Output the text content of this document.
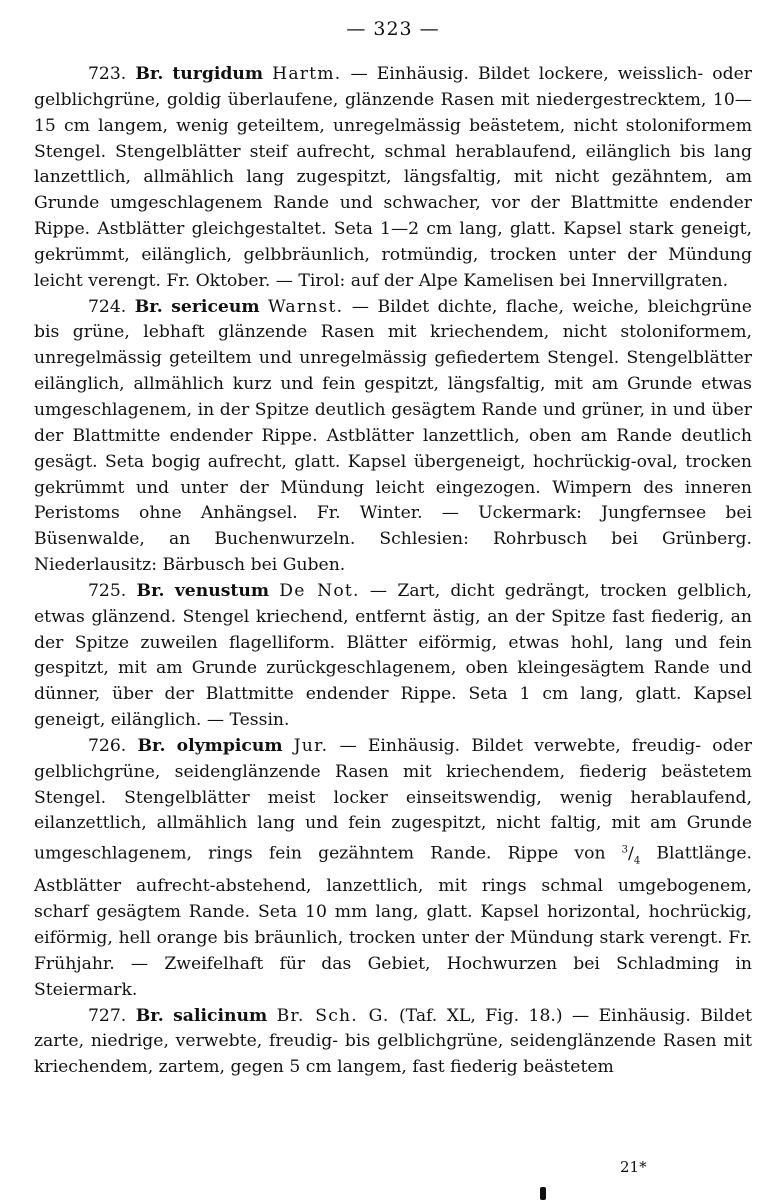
— 323 —

723. Br. turgidum Hartm. — Einhäusig. Bildet lockere, weisslich- oder gelblichgrüne, goldig überlaufene, glänzende Rasen mit niedergestrecktem, 10—15 cm langem, wenig geteiltem, unregelmässig beästetem, nicht stoloniformem Stengel. Stengelblätter steif aufrecht, schmal herablaufend, eilänglich bis lang lanzettlich, allmählich lang zugespitzt, längsfaltig, mit nicht gezähntem, am Grunde umgeschlagenem Rande und schwacher, vor der Blattmitte endender Rippe. Astblätter gleichgestaltet. Seta 1—2 cm lang, glatt. Kapsel stark geneigt, gekrümmt, eilänglich, gelbbräunlich, rotmündig, trocken unter der Mündung leicht verengt. Fr. Oktober. — Tirol: auf der Alpe Kamelisen bei Innervillgraten.

724. Br. sericeum Warnst. — Bildet dichte, flache, weiche, bleichgrüne bis grüne, lebhaft glänzende Rasen mit kriechendem, nicht stoloniformem, unregelmässig geteiltem und unregelmässig gefiedertem Stengel. Stengelblätter eilänglich, allmählich kurz und fein gespitzt, längsfaltig, mit am Grunde etwas umgeschlagenem, in der Spitze deutlich gesägtem Rande und grüner, in und über der Blattmitte endender Rippe. Astblätter lanzettlich, oben am Rande deutlich gesägt. Seta bogig aufrecht, glatt. Kapsel übergeneigt, hochrückig-oval, trocken gekrümmt und unter der Mündung leicht eingezogen. Wimpern des inneren Peristoms ohne Anhängsel. Fr. Winter. — Uckermark: Jungfernsee bei Büsenwalde, an Buchenwurzeln. Schlesien: Rohrbusch bei Grünberg. Niederlausitz: Bärbusch bei Guben.

725. Br. venustum De Not. — Zart, dicht gedrängt, trocken gelblich, etwas glänzend. Stengel kriechend, entfernt ästig, an der Spitze fast fiederig, an der Spitze zuweilen flagelliform. Blätter eiförmig, etwas hohl, lang und fein gespitzt, mit am Grunde zurückgeschlagenem, oben kleingesägtem Rande und dünner, über der Blattmitte endender Rippe. Seta 1 cm lang, glatt. Kapsel geneigt, eilänglich. — Tessin.

726. Br. olympicum Jur. — Einhäusig. Bildet verwebte, freudig- oder gelblichgrüne, seidenglänzende Rasen mit kriechendem, fiederig beästetem Stengel. Stengelblätter meist locker einseitswendig, wenig herablaufend, eilanzettlich, allmählich lang und fein zugespitzt, nicht faltig, mit am Grunde umgeschlagenem, rings fein gezähntem Rande. Rippe von $^3/_4$ Blattlänge. Astblätter aufrecht-abstehend, lanzettlich, mit rings schmal umgebogenem, scharf gesägtem Rande. Seta 10 mm lang, glatt. Kapsel horizontal, hochrückig, eiförmig, hell orange bis bräunlich, trocken unter der Mündung stark verengt. Fr. Frühjahr. — Zweifelhaft für das Gebiet, Hochwurzen bei Schladming in Steiermark.

727. Br. salicinum Br. Sch. G. (Taf. XL, Fig. 18.) — Einhäusig. Bildet zarte, niedrige, verwebte, freudig- bis gelblichgrüne, seidenglänzende Rasen mit kriechendem, zartem, gegen 5 cm langem, fast fiederig beästetem

21*
